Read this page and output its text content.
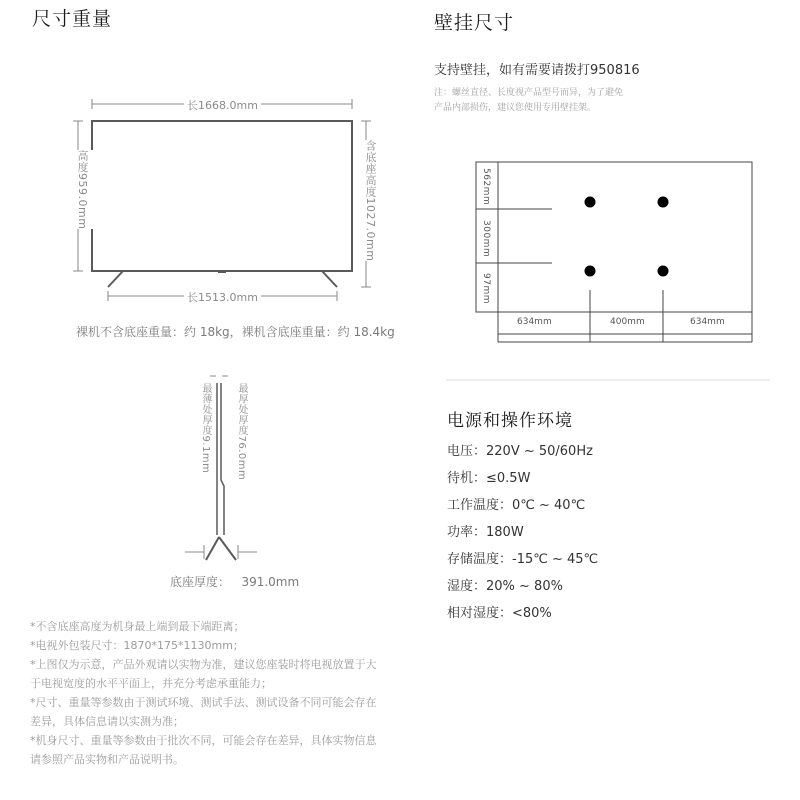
尺寸重量
长1668.0mm
长1513.0mm
高度959.0mm	含底座高度1027.0mm
裸机不含底座重量：约 18kg，裸机含底座重量：约 18.4kg
最薄处厚度9.1mm	最厚处厚度76.0mm
底座厚度：   391.0mm
*不含底座高度为机身最上端到最下端距离；
*电视外包装尺寸：1870*175*1130mm；
*上图仅为示意，产品外观请以实物为准，建议您座装时将电视放置于大
于电视宽度的水平平面上，并充分考虑承重能力；
*尺寸、重量等参数由于测试环境、测试手法、测试设备不同可能会存在
差异，具体信息请以实测为准；
*机身尺寸、重量等参数由于批次不同，可能会存在差异，具体实物信息
请参照产品实物和产品说明书。
壁挂尺寸
支持壁挂，如有需要请拨打950816
注：螺丝直径、长度视产品型号而异，为了避免
产品内部损伤，建议您使用专用壁挂架。
562mm
300mm
97mm
634mm	400mm	634mm
电源和操作环境
电压：220V ~ 50/60Hz
待机：≤0.5W
工作温度：0℃ ~ 40℃
功率：180W
存储温度：-15℃ ~ 45℃
湿度：20% ~ 80%
相对湿度：<80%
